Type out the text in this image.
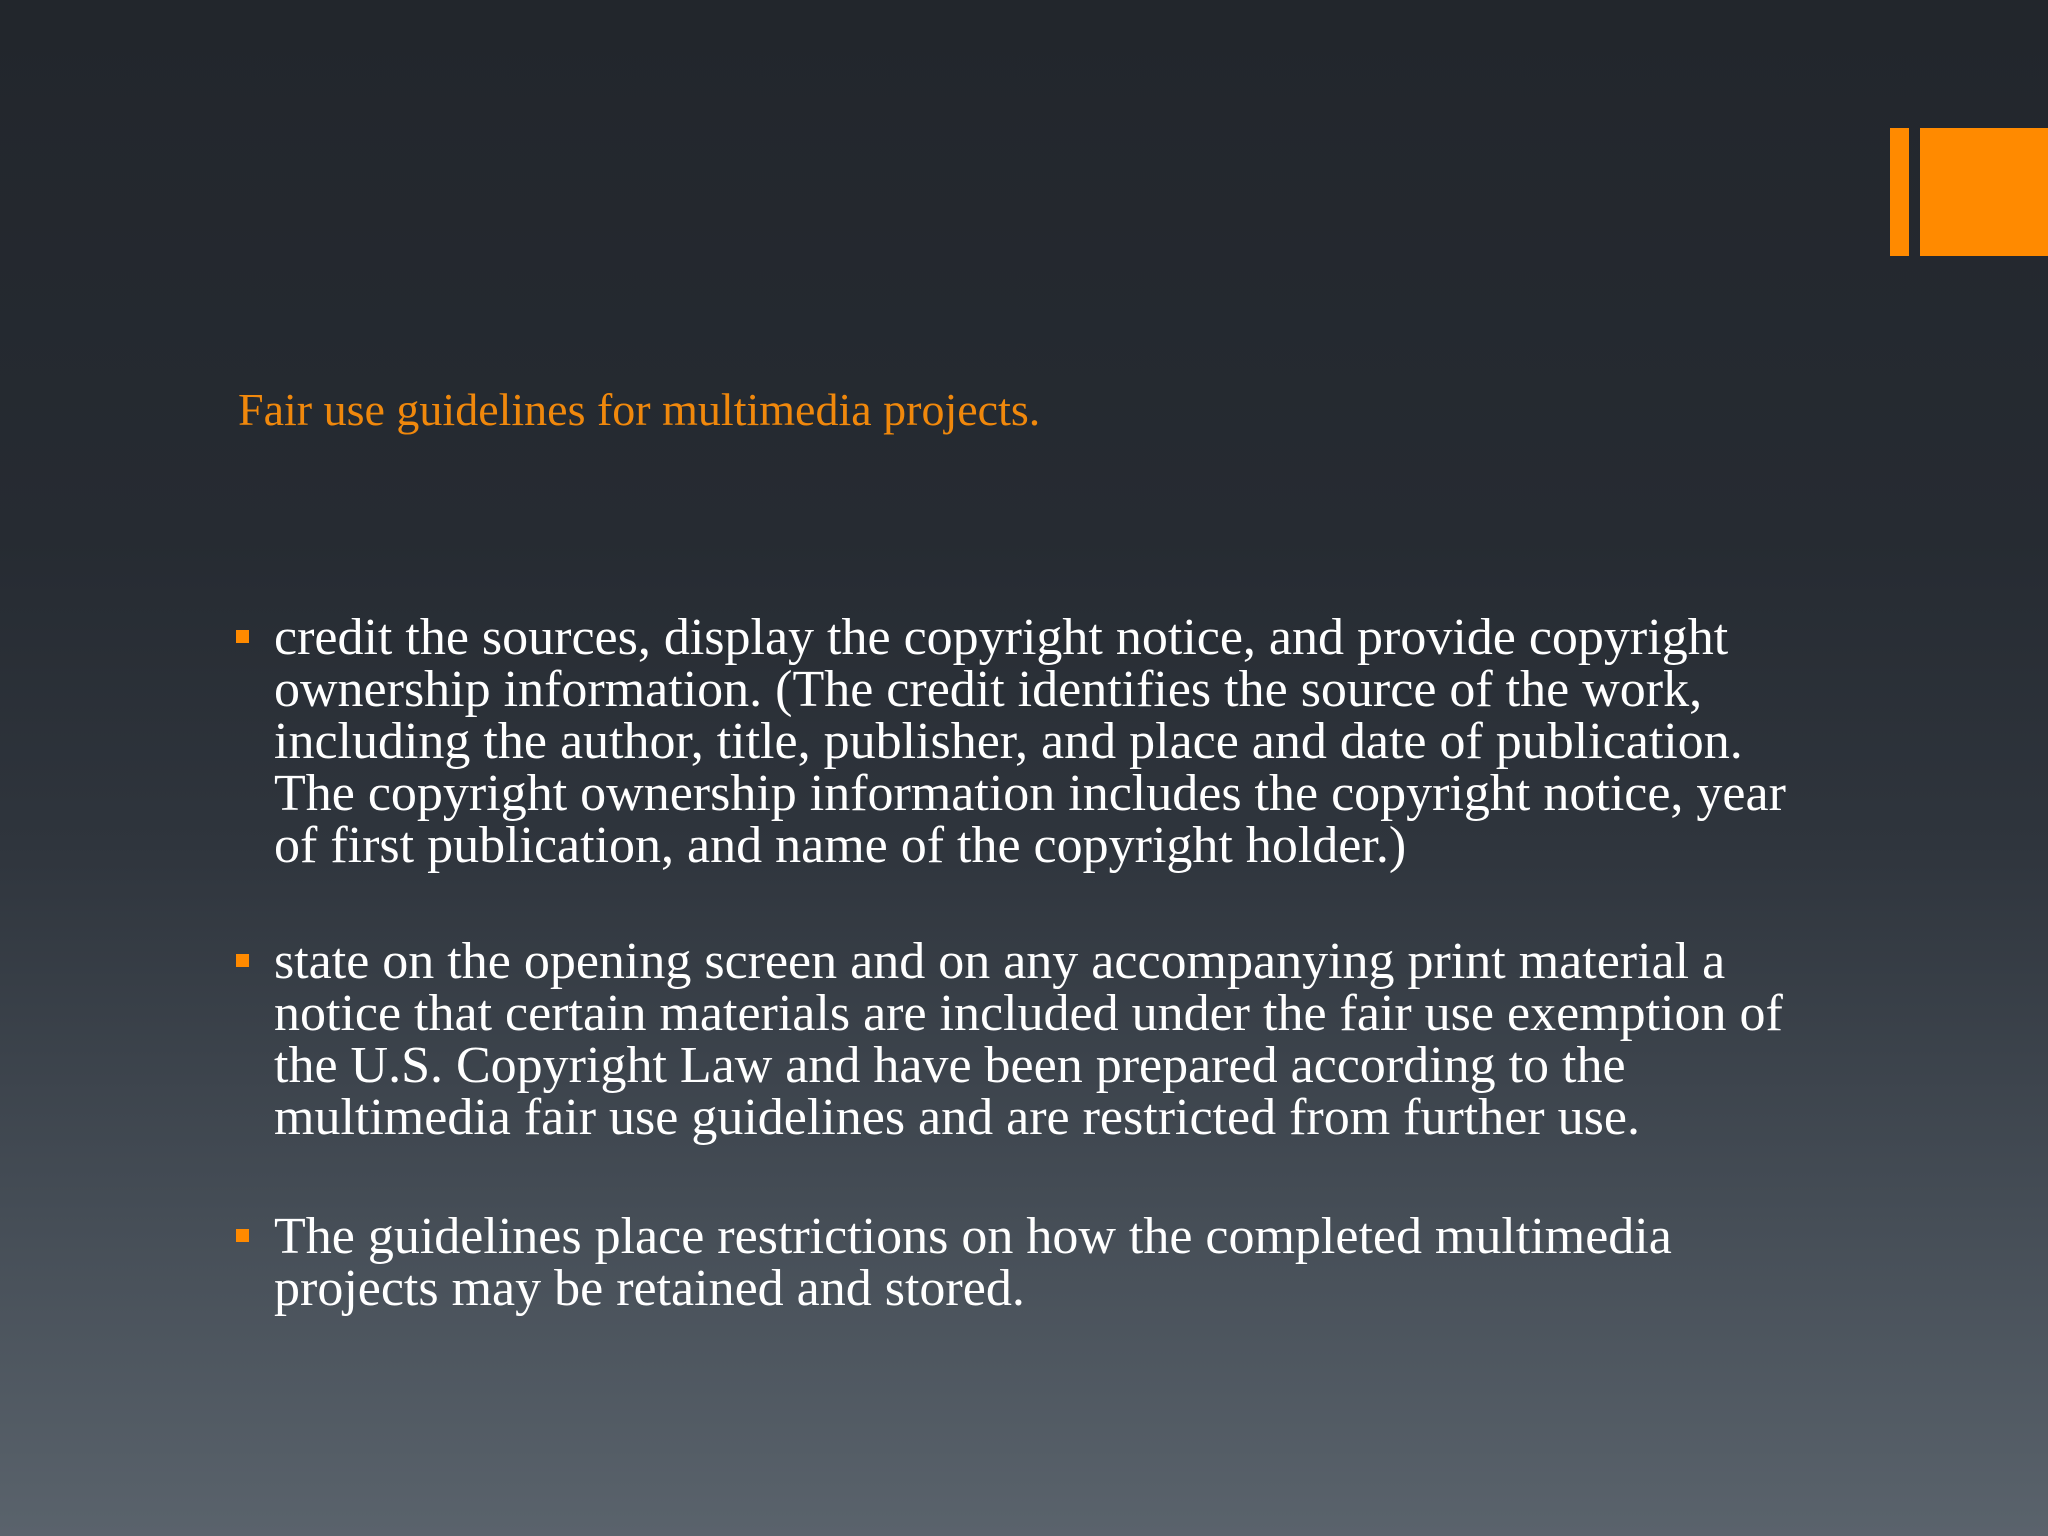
Fair use guidelines for multimedia projects.
credit the sources, display the copyright notice, and provide copyright ownership information. (The credit identifies the source of the work, including the author, title, publisher, and place and date of publication. The copyright ownership information includes the copyright notice, year of first publication, and name of the copyright holder.)
state on the opening screen and on any accompanying print material a notice that certain materials are included under the fair use exemption of the U.S. Copyright Law and have been prepared according to the multimedia fair use guidelines and are restricted from further use.
The guidelines place restrictions on how the completed multimedia projects may be retained and stored.
